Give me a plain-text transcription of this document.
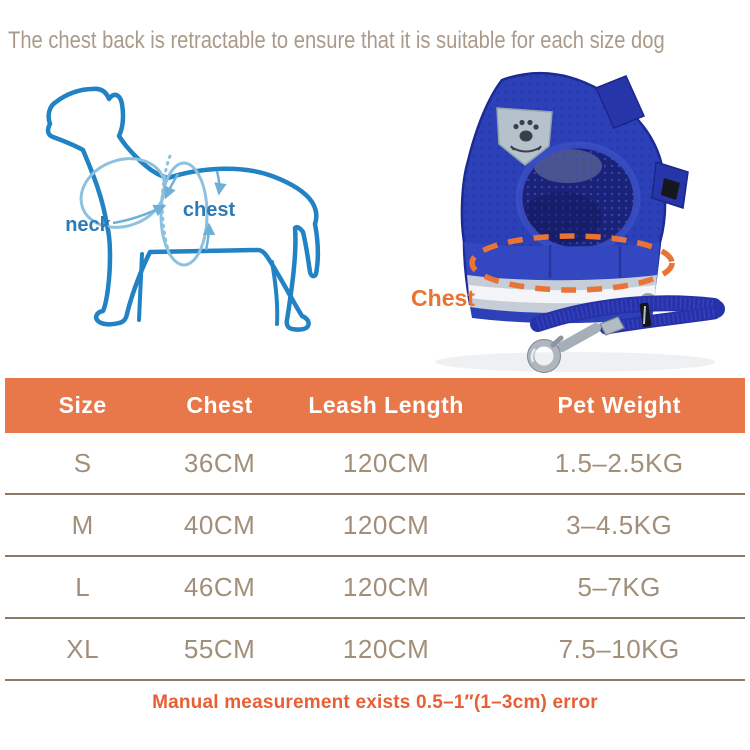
The chest back is retractable to ensure that it is suitable for each size dog
neck
chest
Chest
Size	Chest	Leash Length	Pet Weight
S	36CM	120CM	1.5–2.5KG
M	40CM	120CM	3–4.5KG
L	46CM	120CM	5–7KG
XL	55CM	120CM	7.5–10KG
Manual measurement exists 0.5–1″(1–3cm) error
